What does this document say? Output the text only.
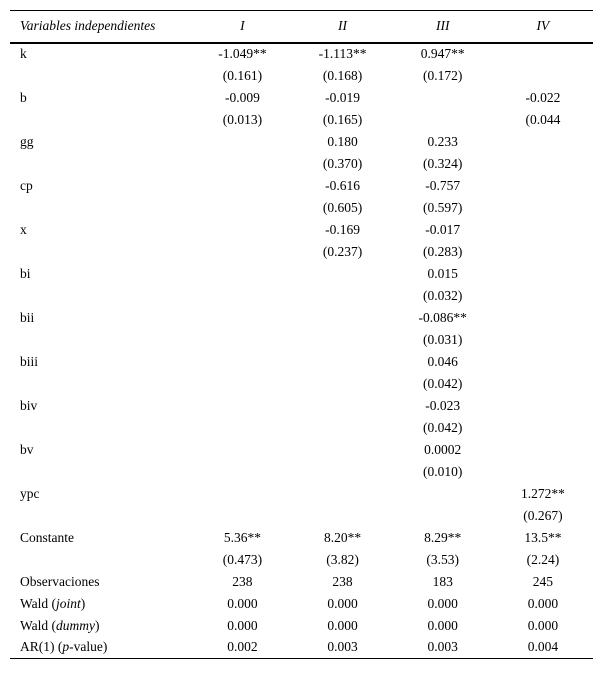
Variables independientes	I	II	III	IV
k	-1.049**	-1.113**	0.947**	
	(0.161)	(0.168)	(0.172)	
b	-0.009	-0.019		-0.022
	(0.013)	(0.165)		(0.044
gg		0.180	0.233	
		(0.370)	(0.324)	
cp		-0.616	-0.757	
		(0.605)	(0.597)	
x		-0.169	-0.017	
		(0.237)	(0.283)	
bi			0.015	
			(0.032)	
bii			-0.086**	
			(0.031)	
biii			0.046	
			(0.042)	
biv			-0.023	
			(0.042)	
bv			0.0002	
			(0.010)	
ypc				1.272**
				(0.267)
Constante	5.36**	8.20**	8.29**	13.5**
	(0.473)	(3.82)	(3.53)	(2.24)
Observaciones	238	238	183	245
Wald (joint)	0.000	0.000	0.000	0.000
Wald (dummy)	0.000	0.000	0.000	0.000
AR(1) (p-value)	0.002	0.003	0.003	0.004
